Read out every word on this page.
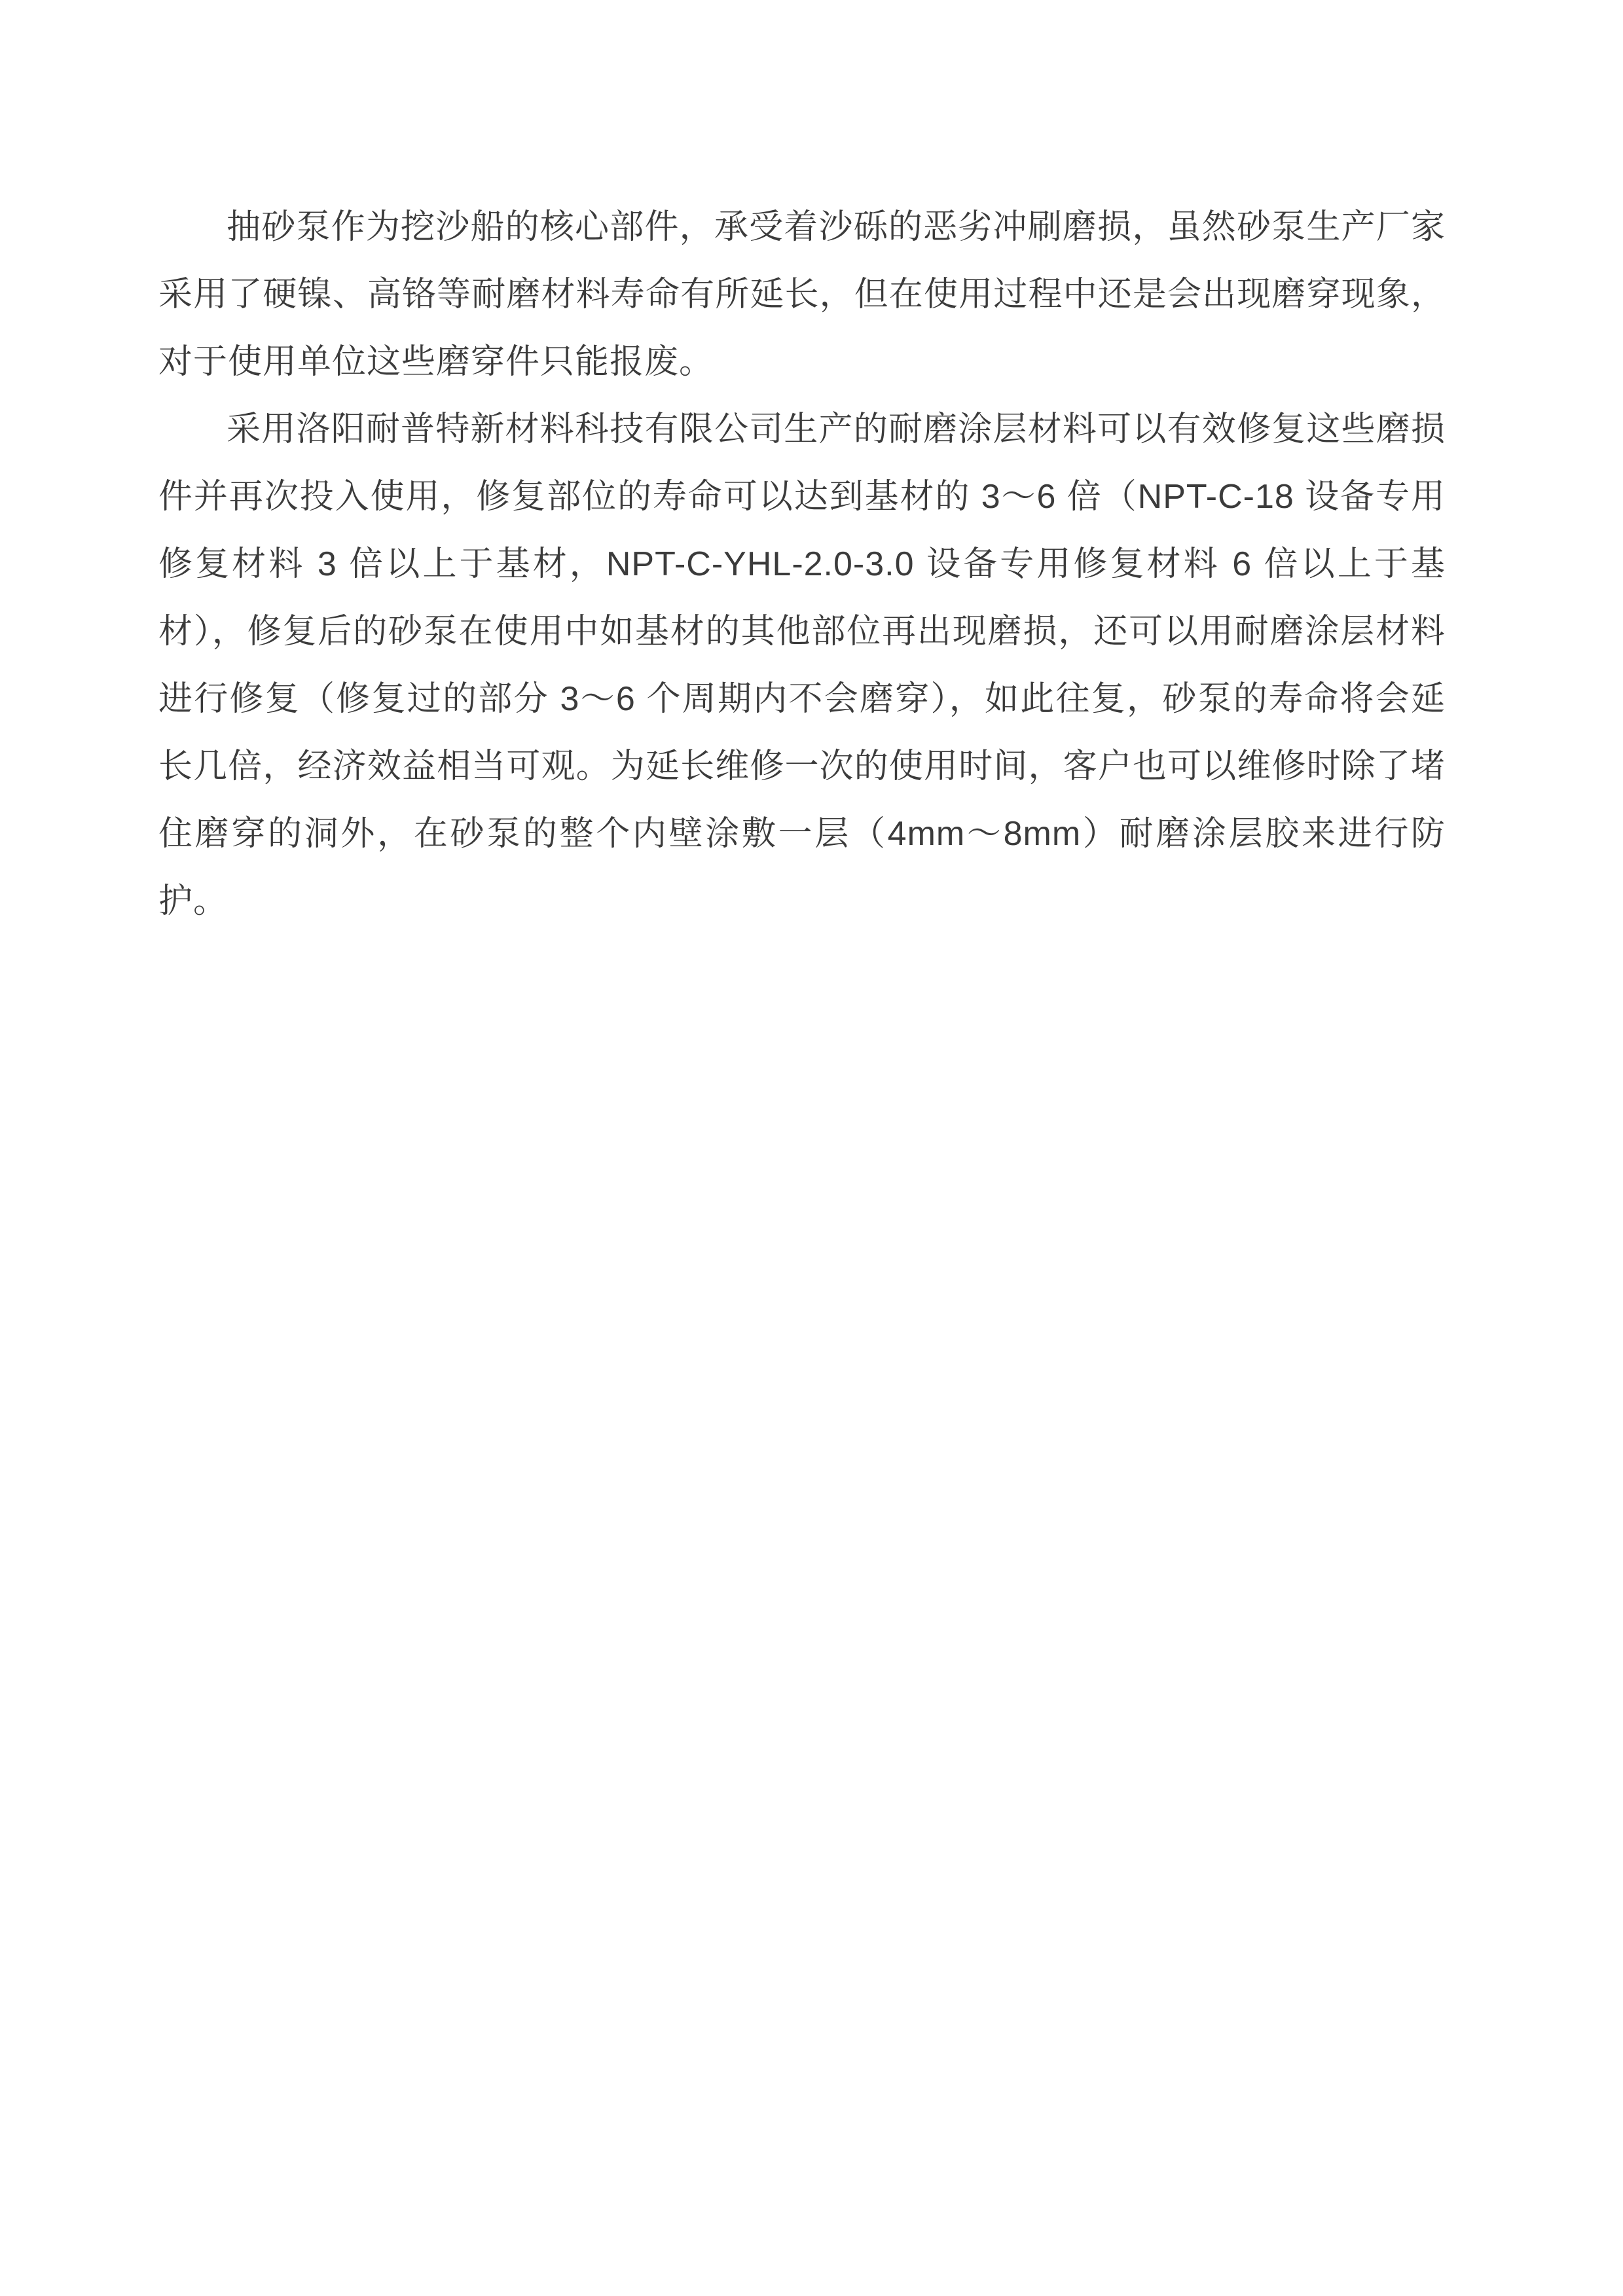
抽砂泵作为挖沙船的核心部件，承受着沙砾的恶劣冲刷磨损，虽然砂泵生产厂家采用了硬镍、高铬等耐磨材料寿命有所延长，但在使用过程中还是会出现磨穿现象，对于使用单位这些磨穿件只能报废。

采用洛阳耐普特新材料科技有限公司生产的耐磨涂层材料可以有效修复这些磨损件并再次投入使用，修复部位的寿命可以达到基材的 3～6 倍（NPT-C-18 设备专用修复材料 3 倍以上于基材，NPT-C-YHL-2.0-3.0 设备专用修复材料 6 倍以上于基材），修复后的砂泵在使用中如基材的其他部位再出现磨损，还可以用耐磨涂层材料进行修复（修复过的部分 3～6 个周期内不会磨穿），如此往复，砂泵的寿命将会延长几倍，经济效益相当可观。为延长维修一次的使用时间，客户也可以维修时除了堵住磨穿的洞外，在砂泵的整个内壁涂敷一层（4mm～8mm）耐磨涂层胶来进行防护。
